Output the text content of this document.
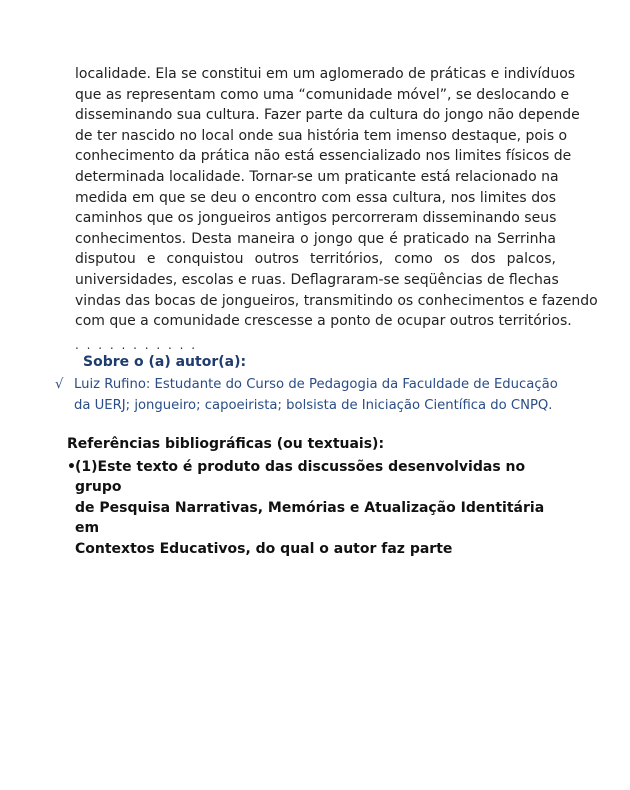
localidade. Ela se constitui em um aglomerado de práticas e indivíduos
que as representam como uma “comunidade móvel”, se deslocando e
disseminando sua cultura. Fazer parte da cultura do jongo não depende
de ter nascido no local onde sua história tem imenso destaque, pois o
conhecimento da prática não está essencializado nos limites físicos de
determinada localidade. Tornar-se um praticante está relacionado na
medida em que se deu o encontro com essa cultura, nos limites dos
caminhos que os jongueiros antigos percorreram disseminando seus
conhecimentos. Desta maneira o jongo que é praticado na Serrinha
disputou e conquistou outros territórios, como os dos palcos,
universidades, escolas e ruas. Deflagraram-se seqüências de flechas
vindas das bocas de jongueiros, transmitindo os conhecimentos e fazendo
com que a comunidade crescesse a ponto de ocupar outros territórios.
. . . . . . . . . . .
Sobre o (a) autor(a):
√ Luiz Rufino: Estudante do Curso de Pedagogia da Faculdade de Educação
da UERJ; jongueiro; capoeirista; bolsista de Iniciação Científica do CNPQ.
Referências bibliográficas (ou textuais):
• (1)Este texto é produto das discussões desenvolvidas no grupo
de Pesquisa Narrativas, Memórias e Atualização Identitária em
Contextos Educativos, do qual o autor faz parte
